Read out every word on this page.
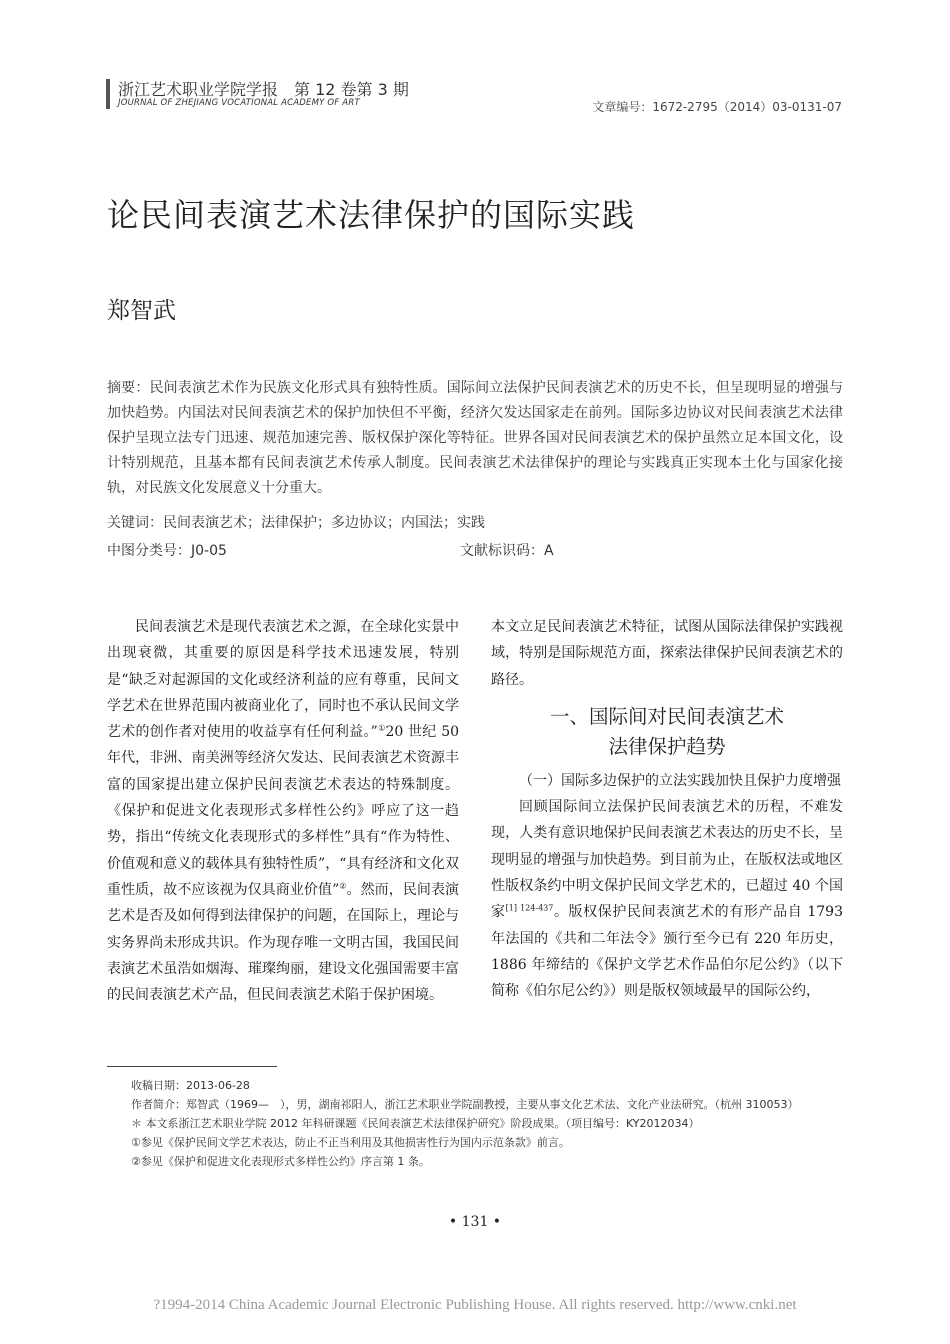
浙江艺术职业学院学报　第 12 卷第 3 期
JOURNAL OF ZHEJIANG VOCATIONAL ACADEMY OF ART	文章编号：1672-2795（2014）03-0131-07
论民间表演艺术法律保护的国际实践
郑智武
摘要：民间表演艺术作为民族文化形式具有独特性质。国际间立法保护民间表演艺术的历史不长，但呈现明显的增强与加快趋势。内国法对民间表演艺术的保护加快但不平衡，经济欠发达国家走在前列。国际多边协议对民间表演艺术法律保护呈现立法专门迅速、规范加速完善、版权保护深化等特征。世界各国对民间表演艺术的保护虽然立足本国文化，设计特别规范，且基本都有民间表演艺术传承人制度。民间表演艺术法律保护的理论与实践真正实现本土化与国家化接轨，对民族文化发展意义十分重大。
关键词：民间表演艺术；法律保护；多边协议；内国法；实践
中图分类号：J0-05	文献标识码：A

民间表演艺术是现代表演艺术之源，在全球化实景中出现衰微，其重要的原因是科学技术迅速发展，特别是“缺乏对起源国的文化或经济利益的应有尊重，民间文学艺术在世界范围内被商业化了，同时也不承认民间文学艺术的创作者对使用的收益享有任何利益。”①20 世纪 50 年代，非洲、南美洲等经济欠发达、民间表演艺术资源丰富的国家提出建立保护民间表演艺术表达的特殊制度。《保护和促进文化表现形式多样性公约》呼应了这一趋势，指出“传统文化表现形式的多样性”具有“作为特性、价值观和意义的载体具有独特性质”，“具有经济和文化双重性质，故不应该视为仅具商业价值”②。然而，民间表演艺术是否及如何得到法律保护的问题，在国际上，理论与实务界尚未形成共识。作为现存唯一文明古国，我国民间表演艺术虽浩如烟海、璀璨绚丽，建设文化强国需要丰富的民间表演艺术产品，但民间表演艺术陷于保护困境。

本文立足民间表演艺术特征，试图从国际法律保护实践视域，特别是国际规范方面，探索法律保护民间表演艺术的路径。

一、国际间对民间表演艺术
法律保护趋势

（一）国际多边保护的立法实践加快且保护力度增强

回顾国际间立法保护民间表演艺术的历程，不难发现，人类有意识地保护民间表演艺术表达的历史不长，呈现明显的增强与加快趋势。到目前为止，在版权法或地区性版权条约中明文保护民间文学艺术的，已超过 40 个国家$^{[1] 124-437}$。版权保护民间表演艺术的有形产品自 1793 年法国的《共和二年法令》颁行至今已有 220 年历史，1886 年缔结的《保护文学艺术作品伯尔尼公约》（以下简称《伯尔尼公约》）则是版权领域最早的国际公约，

收稿日期：2013-06-28

作者简介：郑智武（1969—　），男，湖南祁阳人，浙江艺术职业学院副教授，主要从事文化艺术法、文化产业法研究。（杭州 310053）

＊ 本文系浙江艺术职业学院 2012 年科研课题《民间表演艺术法律保护研究》阶段成果。（项目编号：KY2012034）

①参见《保护民间文学艺术表达，防止不正当利用及其他损害性行为国内示范条款》前言。

②参见《保护和促进文化表现形式多样性公约》序言第 1 条。

• 131 •
?1994-2014 China Academic Journal Electronic Publishing House. All rights reserved. http://www.cnki.net
